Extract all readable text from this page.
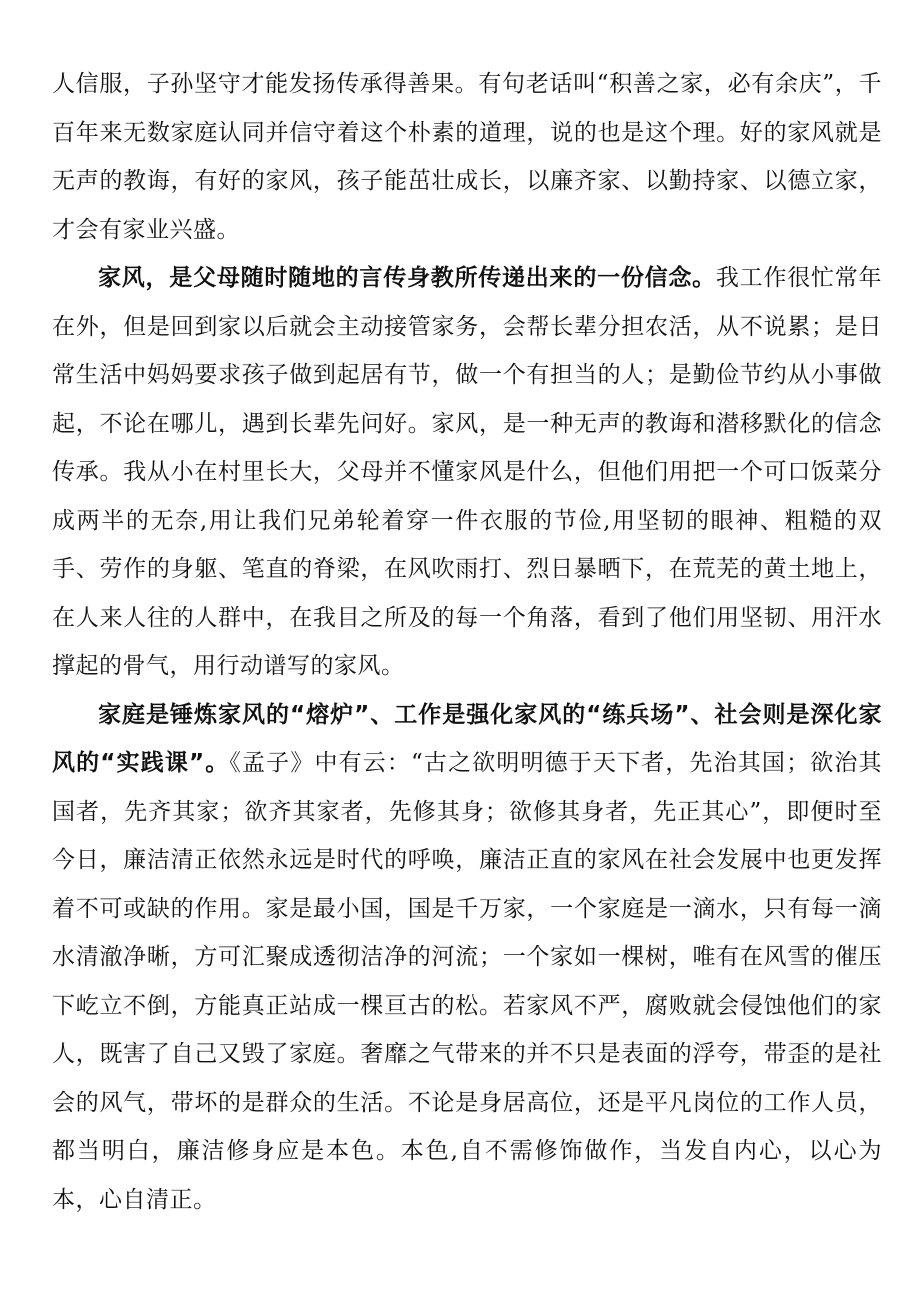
人信服，子孙坚守才能发扬传承得善果。有句老话叫“积善之家，必有余庆”，千百年来无数家庭认同并信守着这个朴素的道理，说的也是这个理。好的家风就是无声的教诲，有好的家风，孩子能茁壮成长，以廉齐家、以勤持家、以德立家，才会有家业兴盛。

家风，是父母随时随地的言传身教所传递出来的一份信念。我工作很忙常年在外，但是回到家以后就会主动接管家务，会帮长辈分担农活，从不说累；是日常生活中妈妈要求孩子做到起居有节，做一个有担当的人；是勤俭节约从小事做起，不论在哪儿，遇到长辈先问好。家风，是一种无声的教诲和潜移默化的信念传承。我从小在村里长大，父母并不懂家风是什么，但他们用把一个可口饭菜分成两半的无奈,用让我们兄弟轮着穿一件衣服的节俭,用坚韧的眼神、粗糙的双手、劳作的身躯、笔直的脊梁，在风吹雨打、烈日暴晒下，在荒芜的黄土地上，在人来人往的人群中，在我目之所及的每一个角落，看到了他们用坚韧、用汗水撑起的骨气，用行动谱写的家风。

家庭是锤炼家风的“熔炉”、工作是强化家风的“练兵场”、社会则是深化家风的“实践课”。《孟子》中有云：“古之欲明明德于天下者，先治其国；欲治其国者，先齐其家；欲齐其家者，先修其身；欲修其身者，先正其心”，即便时至今日，廉洁清正依然永远是时代的呼唤，廉洁正直的家风在社会发展中也更发挥着不可或缺的作用。家是最小国，国是千万家，一个家庭是一滴水，只有每一滴水清澈净晰，方可汇聚成透彻洁净的河流；一个家如一棵树，唯有在风雪的催压下屹立不倒，方能真正站成一棵亘古的松。若家风不严，腐败就会侵蚀他们的家人，既害了自己又毁了家庭。奢靡之气带来的并不只是表面的浮夸，带歪的是社会的风气，带坏的是群众的生活。不论是身居高位，还是平凡岗位的工作人员，都当明白，廉洁修身应是本色。本色,自不需修饰做作，当发自内心，以心为本，心自清正。
